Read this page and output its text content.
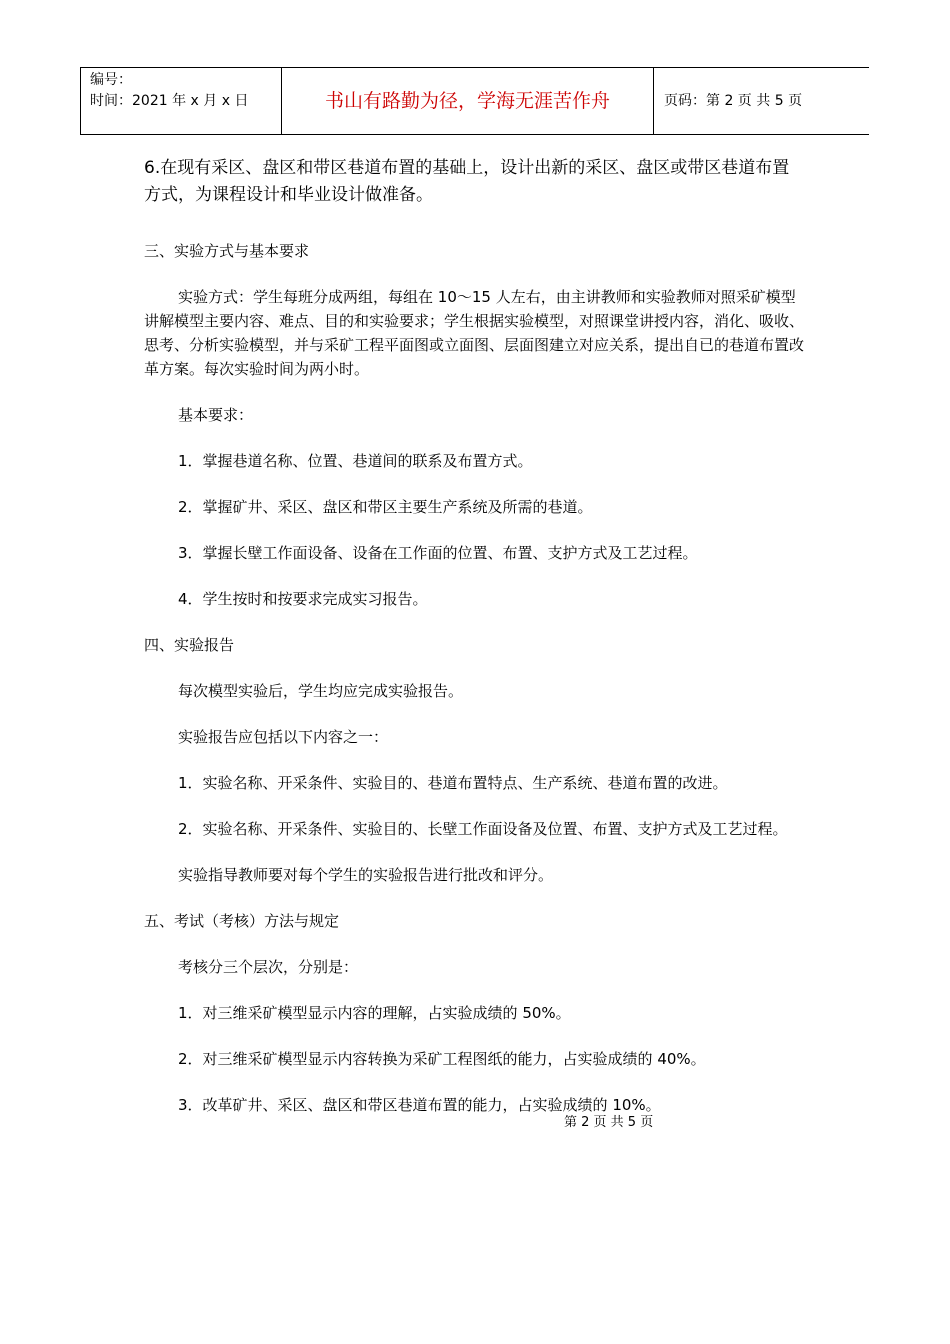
编号：
时间：2021 年 x 月 x 日	书山有路勤为径，学海无涯苦作舟	页码：第 2 页 共 5 页
6.在现有采区、盘区和带区巷道布置的基础上，设计出新的采区、盘区或带区巷道布置方式，为课程设计和毕业设计做准备。
三、实验方式与基本要求
实验方式：学生每班分成两组，每组在 10～15 人左右，由主讲教师和实验教师对照采矿模型讲解模型主要内容、难点、目的和实验要求；学生根据实验模型，对照课堂讲授内容，消化、吸收、思考、分析实验模型，并与采矿工程平面图或立面图、层面图建立对应关系，提出自已的巷道布置改革方案。每次实验时间为两小时。
基本要求：
1．掌握巷道名称、位置、巷道间的联系及布置方式。
2．掌握矿井、采区、盘区和带区主要生产系统及所需的巷道。
3．掌握长壁工作面设备、设备在工作面的位置、布置、支护方式及工艺过程。
4．学生按时和按要求完成实习报告。
四、实验报告
每次模型实验后，学生均应完成实验报告。
实验报告应包括以下内容之一：
1．实验名称、开采条件、实验目的、巷道布置特点、生产系统、巷道布置的改进。
2．实验名称、开采条件、实验目的、长壁工作面设备及位置、布置、支护方式及工艺过程。
实验指导教师要对每个学生的实验报告进行批改和评分。
五、考试（考核）方法与规定
考核分三个层次，分别是：
1．对三维采矿模型显示内容的理解，占实验成绩的 50%。
2．对三维采矿模型显示内容转换为采矿工程图纸的能力，占实验成绩的 40%。
3．改革矿井、采区、盘区和带区巷道布置的能力，占实验成绩的 10%。
第 2 页 共 5 页
